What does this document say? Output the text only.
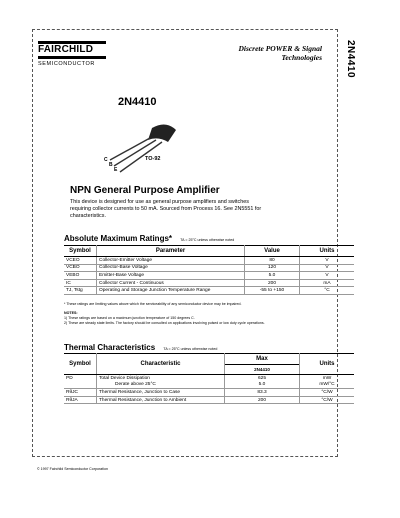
FAIRCHILD
SEMICONDUCTOR
Discrete POWER & Signal
Technologies 2N4410
2N4410
C
B
E
TO-92
NPN General Purpose Amplifier
This device is designed for use as general purpose amplifiers and switches requiring collector currents to 50 mA. Sourced from Process 16. See 2N5551 for characteristics.
Absolute Maximum Ratings* TA = 25°C unless otherwise noted
Symbol	Parameter	Value	Units
VCEO	Collector-Emitter Voltage	80	V
VCBO	Collector-Base Voltage	120	V
VEBO	Emitter-Base Voltage	5.0	V
IC	Collector Current - Continuous	200	mA
TJ, Tstg	Operating and Storage Junction Temperature Range	-55 to +150	°C
* These ratings are limiting values above which the serviceability of any semiconductor device may be impaired.
NOTES:
1) These ratings are based on a maximum junction temperature of 150 degrees C.
2) These are steady state limits. The factory should be consulted on applications involving pulsed or low duty cycle operations.
Thermal Characteristics TA = 25°C unless otherwise noted
Symbol	Characteristic	Max	Units
		2N4410	
PD	Total Device Dissipation	625	mW
	Derate above 25°C	5.0	mW/°C
RθJC	Thermal Resistance, Junction to Case	83.3	°C/W
RθJA	Thermal Resistance, Junction to Ambient	200	°C/W
© 1997 Fairchild Semiconductor Corporation
